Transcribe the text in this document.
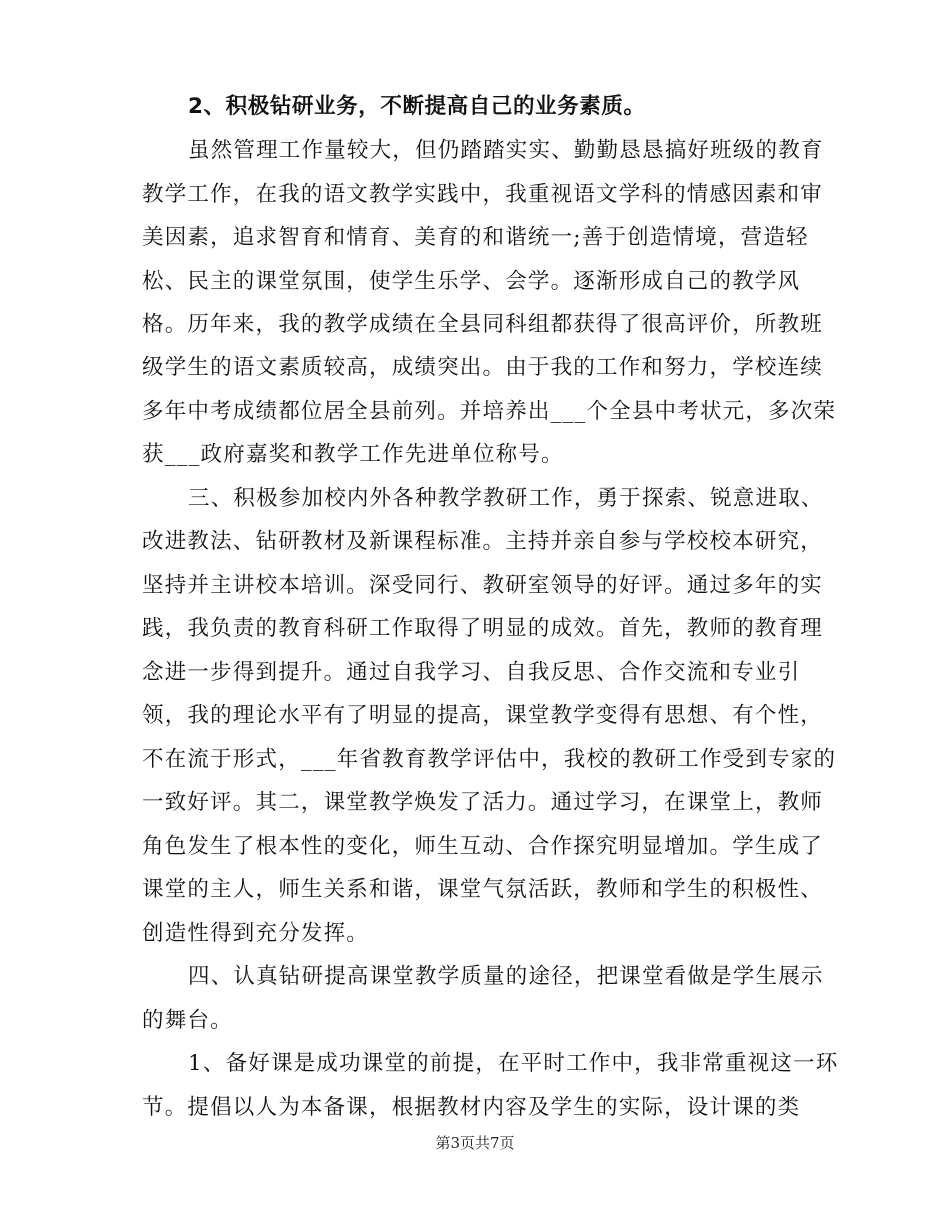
2、积极钻研业务，不断提高自己的业务素质。
虽然管理工作量较大，但仍踏踏实实、勤勤恳恳搞好班级的教育
教学工作，在我的语文教学实践中，我重视语文学科的情感因素和审
美因素，追求智育和情育、美育的和谐统一;善于创造情境，营造轻
松、民主的课堂氛围，使学生乐学、会学。逐渐形成自己的教学风
格。历年来，我的教学成绩在全县同科组都获得了很高评价，所教班
级学生的语文素质较高，成绩突出。由于我的工作和努力，学校连续
多年中考成绩都位居全县前列。并培养出___个全县中考状元，多次荣
获___政府嘉奖和教学工作先进单位称号。
三、积极参加校内外各种教学教研工作，勇于探索、锐意进取、
改进教法、钻研教材及新课程标准。主持并亲自参与学校校本研究，
坚持并主讲校本培训。深受同行、教研室领导的好评。通过多年的实
践，我负责的教育科研工作取得了明显的成效。首先，教师的教育理
念进一步得到提升。通过自我学习、自我反思、合作交流和专业引
领，我的理论水平有了明显的提高，课堂教学变得有思想、有个性，
不在流于形式，___年省教育教学评估中，我校的教研工作受到专家的
一致好评。其二，课堂教学焕发了活力。通过学习，在课堂上，教师
角色发生了根本性的变化，师生互动、合作探究明显增加。学生成了
课堂的主人，师生关系和谐，课堂气氛活跃，教师和学生的积极性、
创造性得到充分发挥。
四、认真钻研提高课堂教学质量的途径，把课堂看做是学生展示
的舞台。
1、备好课是成功课堂的前提，在平时工作中，我非常重视这一环
节。提倡以人为本备课，根据教材内容及学生的实际，设计课的类
第3页共7页
